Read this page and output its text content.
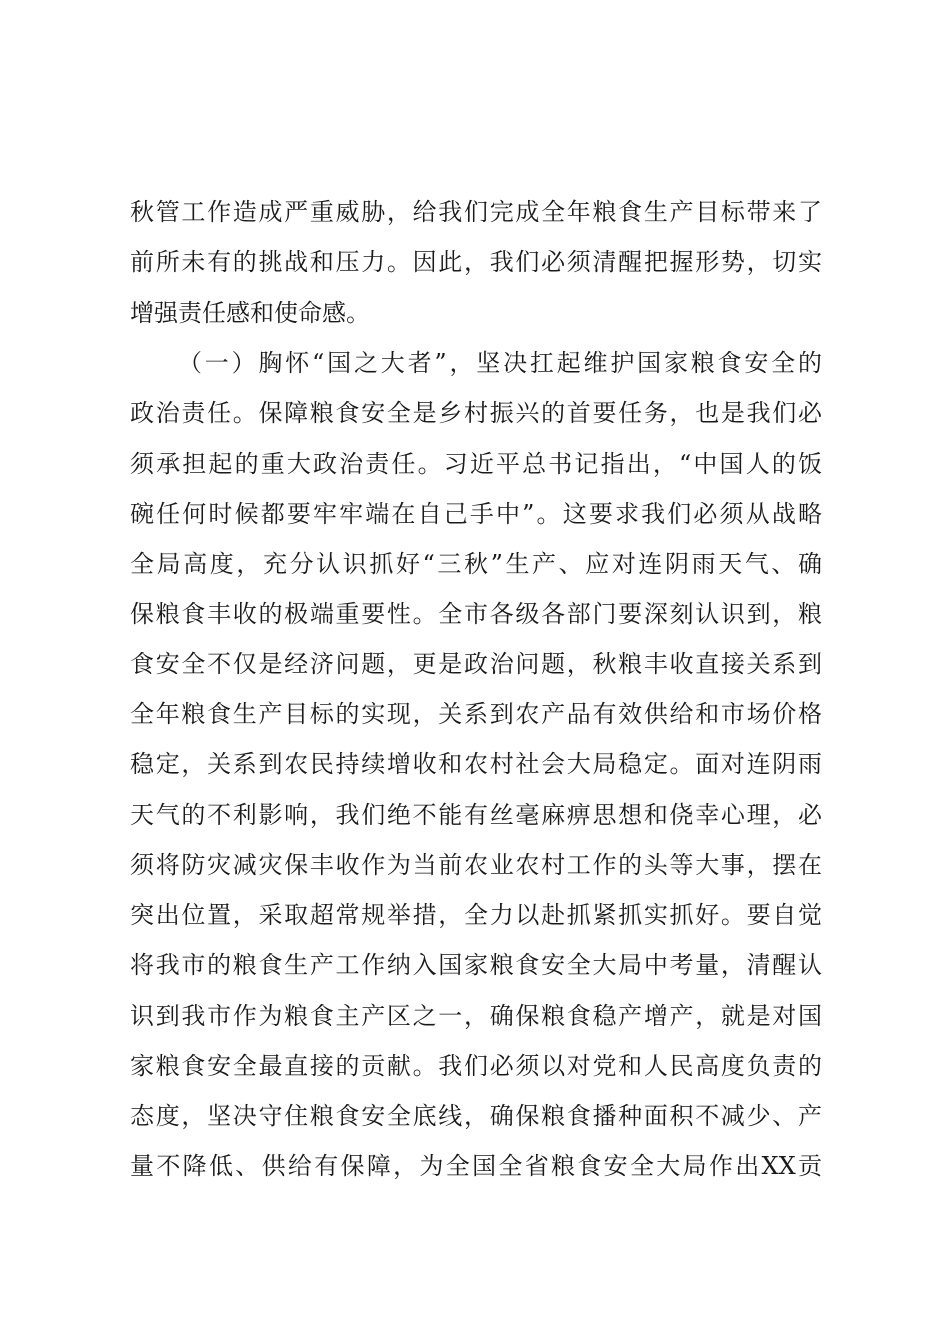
秋管工作造成严重威胁，给我们完成全年粮食生产目标带来了
前所未有的挑战和压力。因此，我们必须清醒把握形势，切实
增强责任感和使命感。
（一）胸怀“国之大者”，坚决扛起维护国家粮食安全的
政治责任。保障粮食安全是乡村振兴的首要任务，也是我们必
须承担起的重大政治责任。习近平总书记指出，“中国人的饭
碗任何时候都要牢牢端在自己手中”。这要求我们必须从战略
全局高度，充分认识抓好“三秋”生产、应对连阴雨天气、确
保粮食丰收的极端重要性。全市各级各部门要深刻认识到，粮
食安全不仅是经济问题，更是政治问题，秋粮丰收直接关系到
全年粮食生产目标的实现，关系到农产品有效供给和市场价格
稳定，关系到农民持续增收和农村社会大局稳定。面对连阴雨
天气的不利影响，我们绝不能有丝毫麻痹思想和侥幸心理，必
须将防灾减灾保丰收作为当前农业农村工作的头等大事，摆在
突出位置，采取超常规举措，全力以赴抓紧抓实抓好。要自觉
将我市的粮食生产工作纳入国家粮食安全大局中考量，清醒认
识到我市作为粮食主产区之一，确保粮食稳产增产，就是对国
家粮食安全最直接的贡献。我们必须以对党和人民高度负责的
态度，坚决守住粮食安全底线，确保粮食播种面积不减少、产
量不降低、供给有保障，为全国全省粮食安全大局作出XX贡
